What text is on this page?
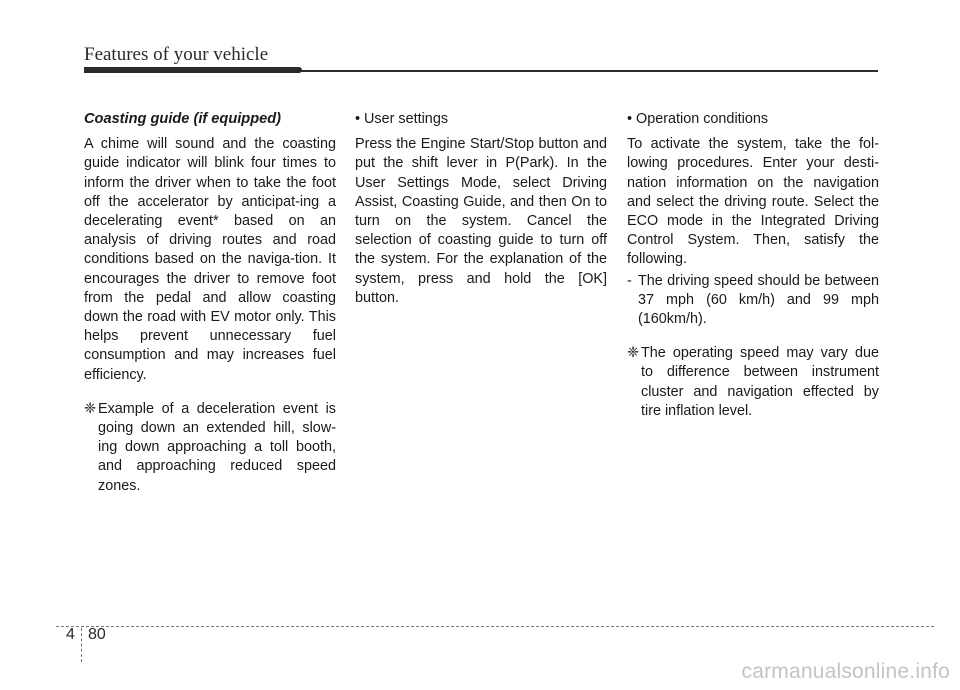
Features of your vehicle

Coasting guide (if equipped)

A chime will sound and the coasting guide indicator will blink four times to inform the driver when to take the foot off the accelerator by anticipat-ing a decelerating event* based on an analysis of driving routes and road conditions based on the naviga-tion. It encourages the driver to remove foot from the pedal and allow coasting down the road with EV motor only. This helps prevent unnecessary fuel consumption and may increases fuel efficiency.

❈ Example of a deceleration event is going down an extended hill, slow-ing down approaching a toll booth, and approaching reduced speed zones.

• User settings

Press the Engine Start/Stop button and put the shift lever in P(Park). In the User Settings Mode, select Driving Assist, Coasting Guide, and then On to turn on the system. Cancel the selection of coasting guide to turn off the system. For the explanation of the system, press and hold the [OK] button.

• Operation conditions

To activate the system, take the fol-lowing procedures. Enter your desti-nation information on the navigation and select the driving route. Select the ECO mode in the Integrated Driving Control System. Then, satisfy the following.

- The driving speed should be between 37 mph (60 km/h) and 99 mph (160km/h).

❈ The operating speed may vary due to difference between instrument cluster and navigation effected by tire inflation level.

4 80
carmanualsonline.info
